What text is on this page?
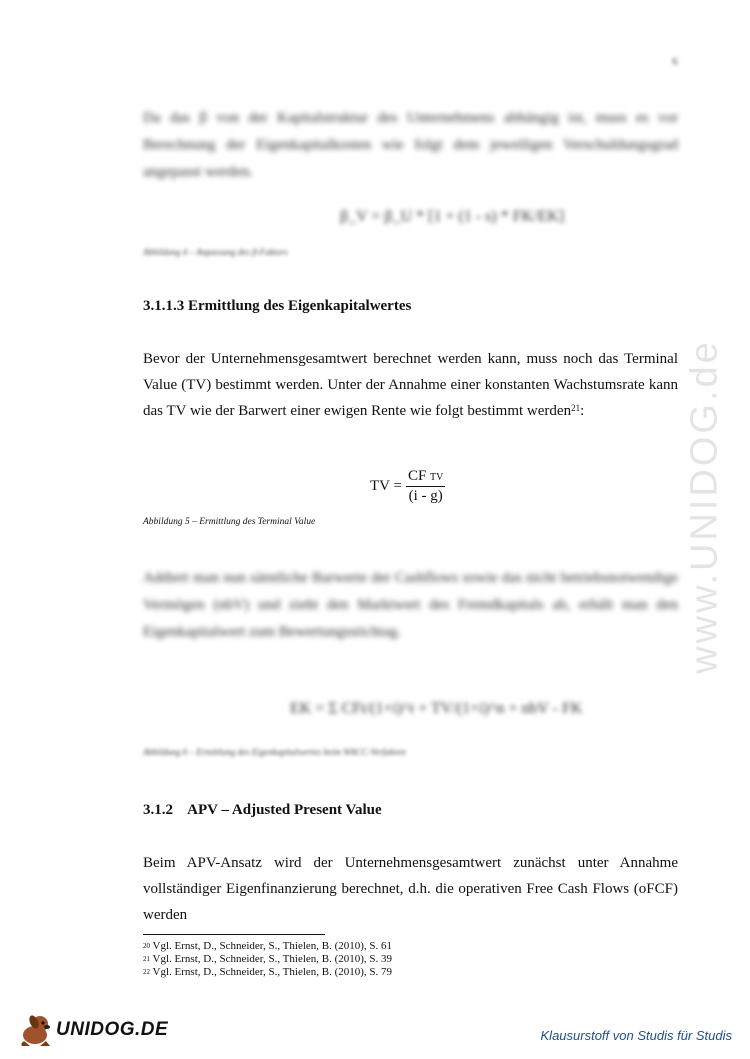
6
Da das β von der Kapitalstruktur des Unternehmens abhängig ist, muss es vor Berechnung der Eigenkapitalkosten wie folgt dem jeweiligen Verschuldungsgrad angepasst werden.
β_V = β_U * [1 + (1 - s) * FK/EK]
Abbildung 4 – Anpassung des β-Faktors
3.1.1.3 Ermittlung des Eigenkapitalwertes
Bevor der Unternehmensgesamtwert berechnet werden kann, muss noch das Terminal Value (TV) bestimmt werden. Unter der Annahme einer konstanten Wachstumsrate kann das TV wie der Barwert einer ewigen Rente wie folgt bestimmt werden$^{21}$:
TV = $\frac{\text{CF TV}}{(i - g)}$
Abbildung 5 – Ermittlung des Terminal Value
Addiert man nun sämtliche Barwerte der Cashflows sowie das nicht betriebsnotwendige Vermögen (nbV) und zieht den Marktwert des Fremdkapitals ab, erhält man den Eigenkapitalwert zum Bewertungsstichtag.
EK = Σ CFt/(1+i)^t + TV/(1+i)^n + nbV - FK
Abbildung 6 – Ermittlung des Eigenkapitalwertes beim WACC-Verfahren
3.1.2    APV – Adjusted Present Value
Beim APV-Ansatz wird der Unternehmensgesamtwert zunächst unter Annahme vollständiger Eigenfinanzierung berechnet, d.h. die operativen Free Cash Flows (oFCF) werden
$^{20}$ Vgl. Ernst, D., Schneider, S., Thielen, B. (2010), S. 61
$^{21}$ Vgl. Ernst, D., Schneider, S., Thielen, B. (2010), S. 39
$^{22}$ Vgl. Ernst, D., Schneider, S., Thielen, B. (2010), S. 79
www.UNIDOG.de
UNIDOG.DE	Klausurstoff von Studis für Studis
